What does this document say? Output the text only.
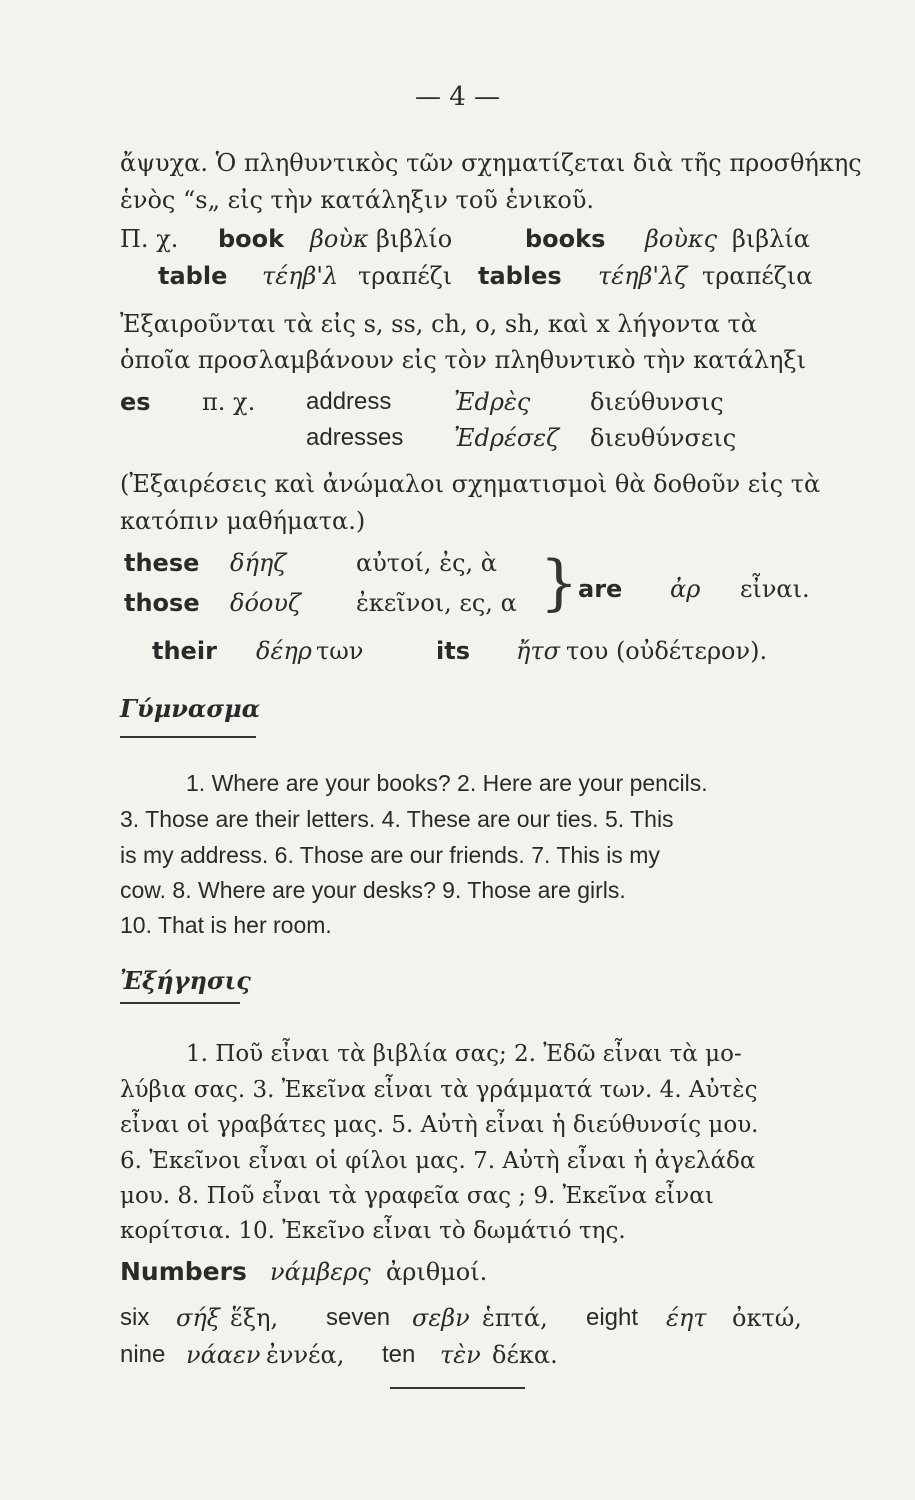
— 4 —
ἄψυχα. Ὁ πληθυντικὸς τῶν σχηματίζεται διὰ τῆς προσθήκης
ἑνὸς “s„ εἰς τὴν κατάληξιν τοῦ ἑνικοῦ.
Π. χ. book βοὺκ βιβλίο	books βοὺκς βιβλία
table τέηβ'λ τραπέζι tables τέηβ'λζ τραπέζια
Ἐξαιροῦνται τὰ εἰς s, ss, ch, o, sh, καὶ x λήγοντα τὰ
ὁποῖα προσλαμβάνουν εἰς τὸν πληθυντικὸ τὴν κατάληξι
es π. χ. address	Ἐdρὲς διεύθυνσις
adresses Ἐdρέσεζ διευθύνσεις
(Ἐξαιρέσεις καὶ ἀνώμαλοι σχηματισμοὶ θὰ δοθοῦν εἰς τὰ
κατόπιν μαθήματα.)
these δήηζ	αὐτοί, ἐς, ὰ
those δόουζ ἐκεῖνοι, ες, α } are ἀρ εἶναι.
their δέηρ των	its ἤτσ του (οὐδέτερον).
Γύμνασμα
1. Where are your books? 2. Here are your pencils.
3. Those are their letters. 4. These are our ties. 5. This
is my address. 6. Those are our friends. 7. This is my
cow. 8. Where are your desks? 9. Those are girls.
10. That is her room.
Ἐξήγησις
1. Ποῦ εἶναι τὰ βιβλία σας; 2. Ἐδῶ εἶναι τὰ μο-
λύβια σας. 3. Ἐκεῖνα εἶναι τὰ γράμματά των. 4. Αὐτὲς
εἶναι οἱ γραβάτες μας. 5. Αὐτὴ εἶναι ἡ διεύθυνσίς μου.
6. Ἐκεῖνοι εἶναι οἱ φίλοι μας. 7. Αὐτὴ εἶναι ἡ ἀγελάδα
μου. 8. Ποῦ εἶναι τὰ γραφεῖα σας ; 9. Ἐκεῖνα εἶναι
κορίτσια. 10. Ἐκεῖνο εἶναι τὸ δωμάτιό της.
Numbers νάμβερς ἀριθμοί.
six σήξ ἕξη, seven σεβν ἑπτά, eight έητ ὀκτώ,
nine νάαεν ἐννέα, ten τὲν δέκα.
